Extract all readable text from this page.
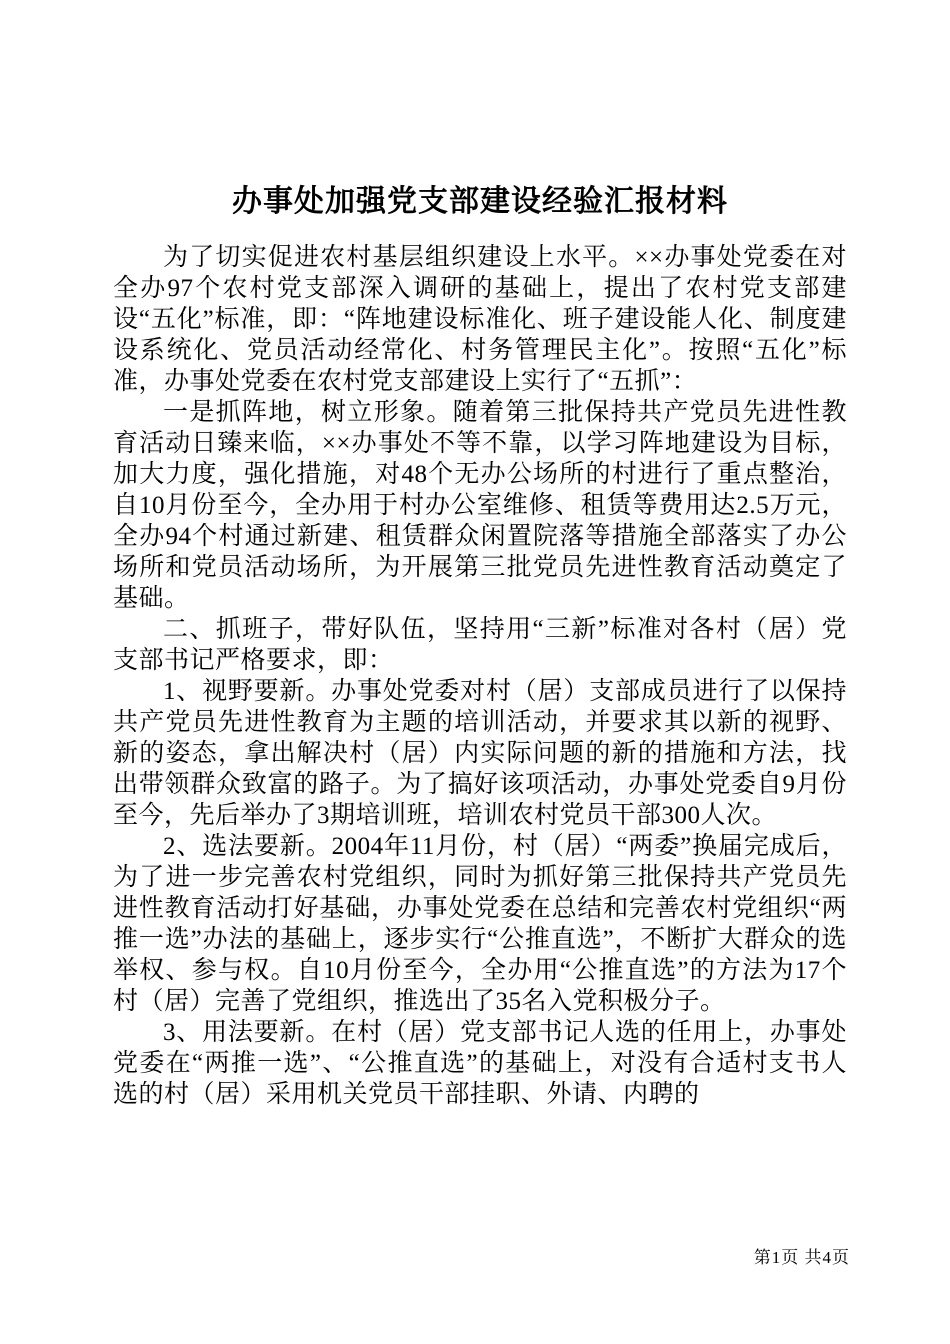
办事处加强党支部建设经验汇报材料

为了切实促进农村基层组织建设上水平。××办事处党委在对全办97个农村党支部深入调研的基础上，提出了农村党支部建设“五化”标准，即：“阵地建设标准化、班子建设能人化、制度建设系统化、党员活动经常化、村务管理民主化”。按照“五化”标准，办事处党委在农村党支部建设上实行了“五抓”：

一是抓阵地，树立形象。随着第三批保持共产党员先进性教育活动日臻来临，××办事处不等不靠，以学习阵地建设为目标，加大力度，强化措施，对48个无办公场所的村进行了重点整治，自10月份至今，全办用于村办公室维修、租赁等费用达2.5万元，全办94个村通过新建、租赁群众闲置院落等措施全部落实了办公场所和党员活动场所，为开展第三批党员先进性教育活动奠定了基础。

二、抓班子，带好队伍，坚持用“三新”标准对各村（居）党支部书记严格要求，即：

1、视野要新。办事处党委对村（居）支部成员进行了以保持共产党员先进性教育为主题的培训活动，并要求其以新的视野、新的姿态，拿出解决村（居）内实际问题的新的措施和方法，找出带领群众致富的路子。为了搞好该项活动，办事处党委自9月份至今，先后举办了3期培训班，培训农村党员干部300人次。

2、选法要新。2004年11月份，村（居）“两委”换届完成后，为了进一步完善农村党组织，同时为抓好第三批保持共产党员先进性教育活动打好基础，办事处党委在总结和完善农村党组织“两推一选”办法的基础上，逐步实行“公推直选”，不断扩大群众的选举权、参与权。自10月份至今，全办用“公推直选”的方法为17个村（居）完善了党组织，推选出了35名入党积极分子。

3、用法要新。在村（居）党支部书记人选的任用上，办事处党委在“两推一选”、“公推直选”的基础上，对没有合适村支书人选的村（居）采用机关党员干部挂职、外请、内聘的

第1页 共4页
